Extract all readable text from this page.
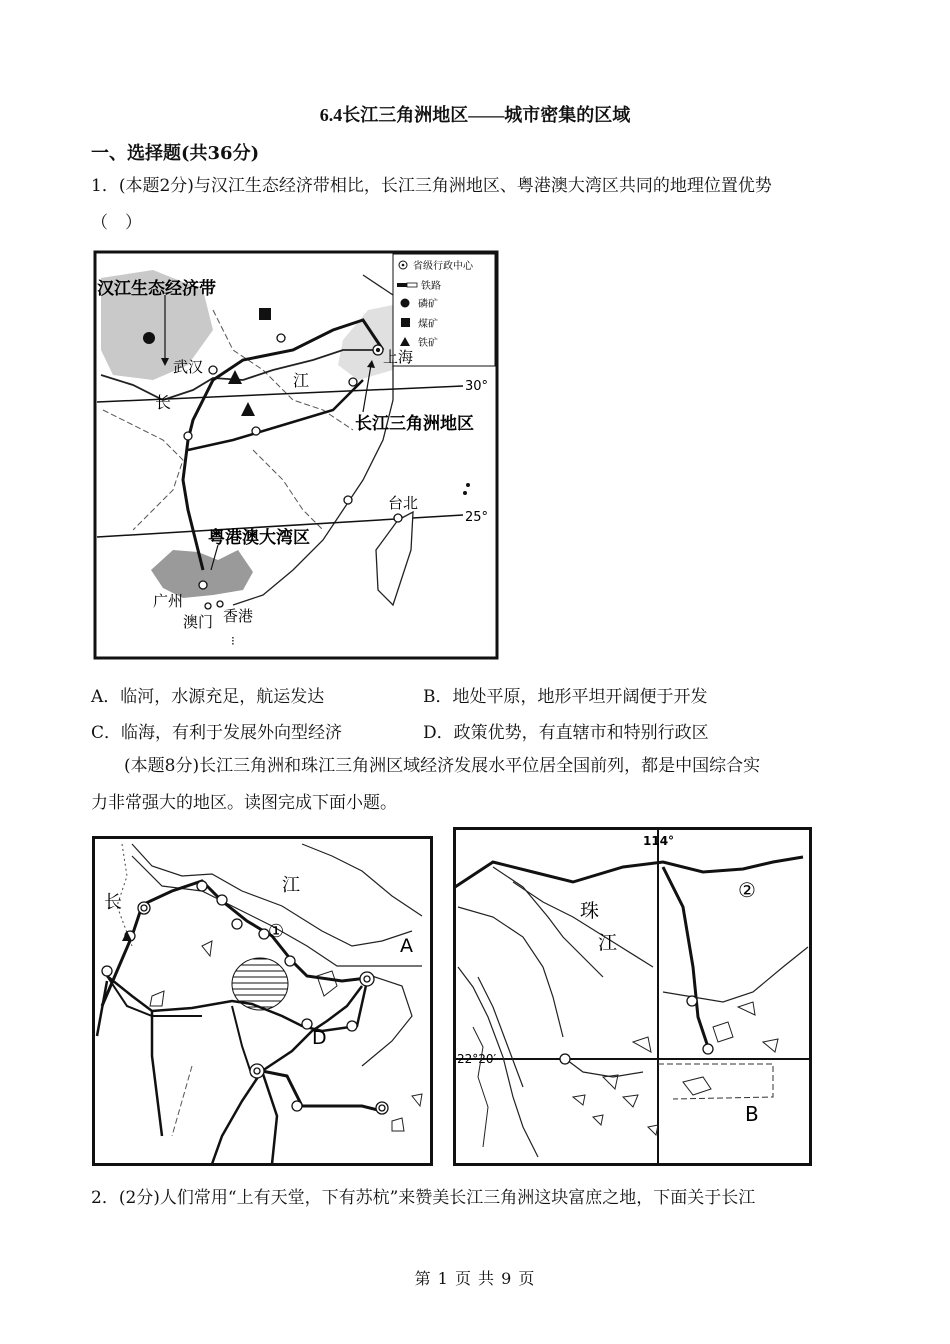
6.4长江三角洲地区——城市密集的区域
一、选择题(共36分)
1．(本题2分)与汉江生态经济带相比，长江三角洲地区、粤港澳大湾区共同的地理位置优势
（　）
30°
25°
省级行政中心
铁路
磷矿
煤矿
铁矿
汉江生态经济带
武汉
江
长
上海
长江三角洲地区
台北
粤港澳大湾区
广州
澳门 香港
⁝
A．临河，水源充足，航运发达	B．地处平原，地形平坦开阔便于开发
C．临海，有利于发展外向型经济	D．政策优势，有直辖市和特别行政区
(本题8分)长江三角洲和珠江三角洲区域经济发展水平位居全国前列，都是中国综合实
力非常强大的地区。读图完成下面小题。
长
江
①
A
D
114°
22°20′
珠
江
②
B
2．(2分)人们常用“上有天堂，下有苏杭”来赞美长江三角洲这块富庶之地，下面关于长江
第 1 页 共 9 页
